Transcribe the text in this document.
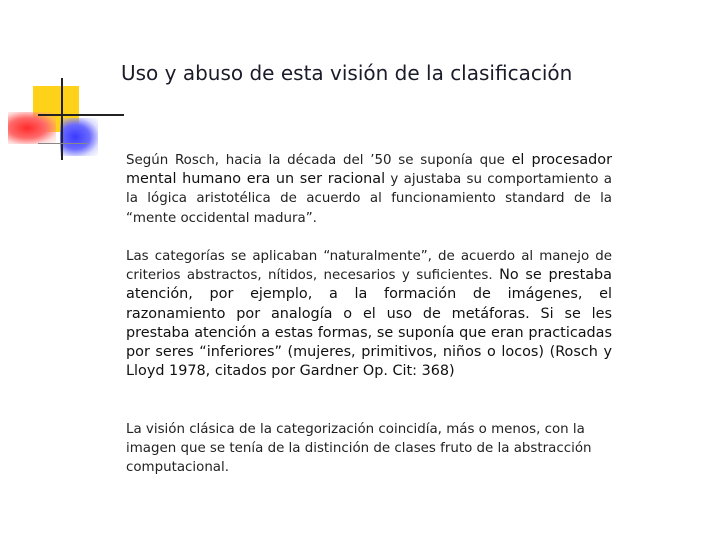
Uso y abuso de esta visión de la clasificación

Según Rosch, hacia la década del ’50 se suponía que el procesador mental humano era un ser racional y ajustaba su comportamiento a la lógica aristotélica de acuerdo al funcionamiento standard de la “mente occidental madura”.

Las categorías se aplicaban “naturalmente”, de acuerdo al manejo de criterios abstractos, nítidos, necesarios y suficientes. No se prestaba atención, por ejemplo, a la formación de imágenes, el razonamiento por analogía o el uso de metáforas. Si se les prestaba atención a estas formas, se suponía que eran practicadas por seres “inferiores” (mujeres, primitivos, niños o locos) (Rosch y Lloyd 1978, citados por Gardner Op. Cit: 368)

La visión clásica de la categorización coincidía, más o menos, con la imagen que se tenía de la distinción de clases fruto de la abstracción computacional.
